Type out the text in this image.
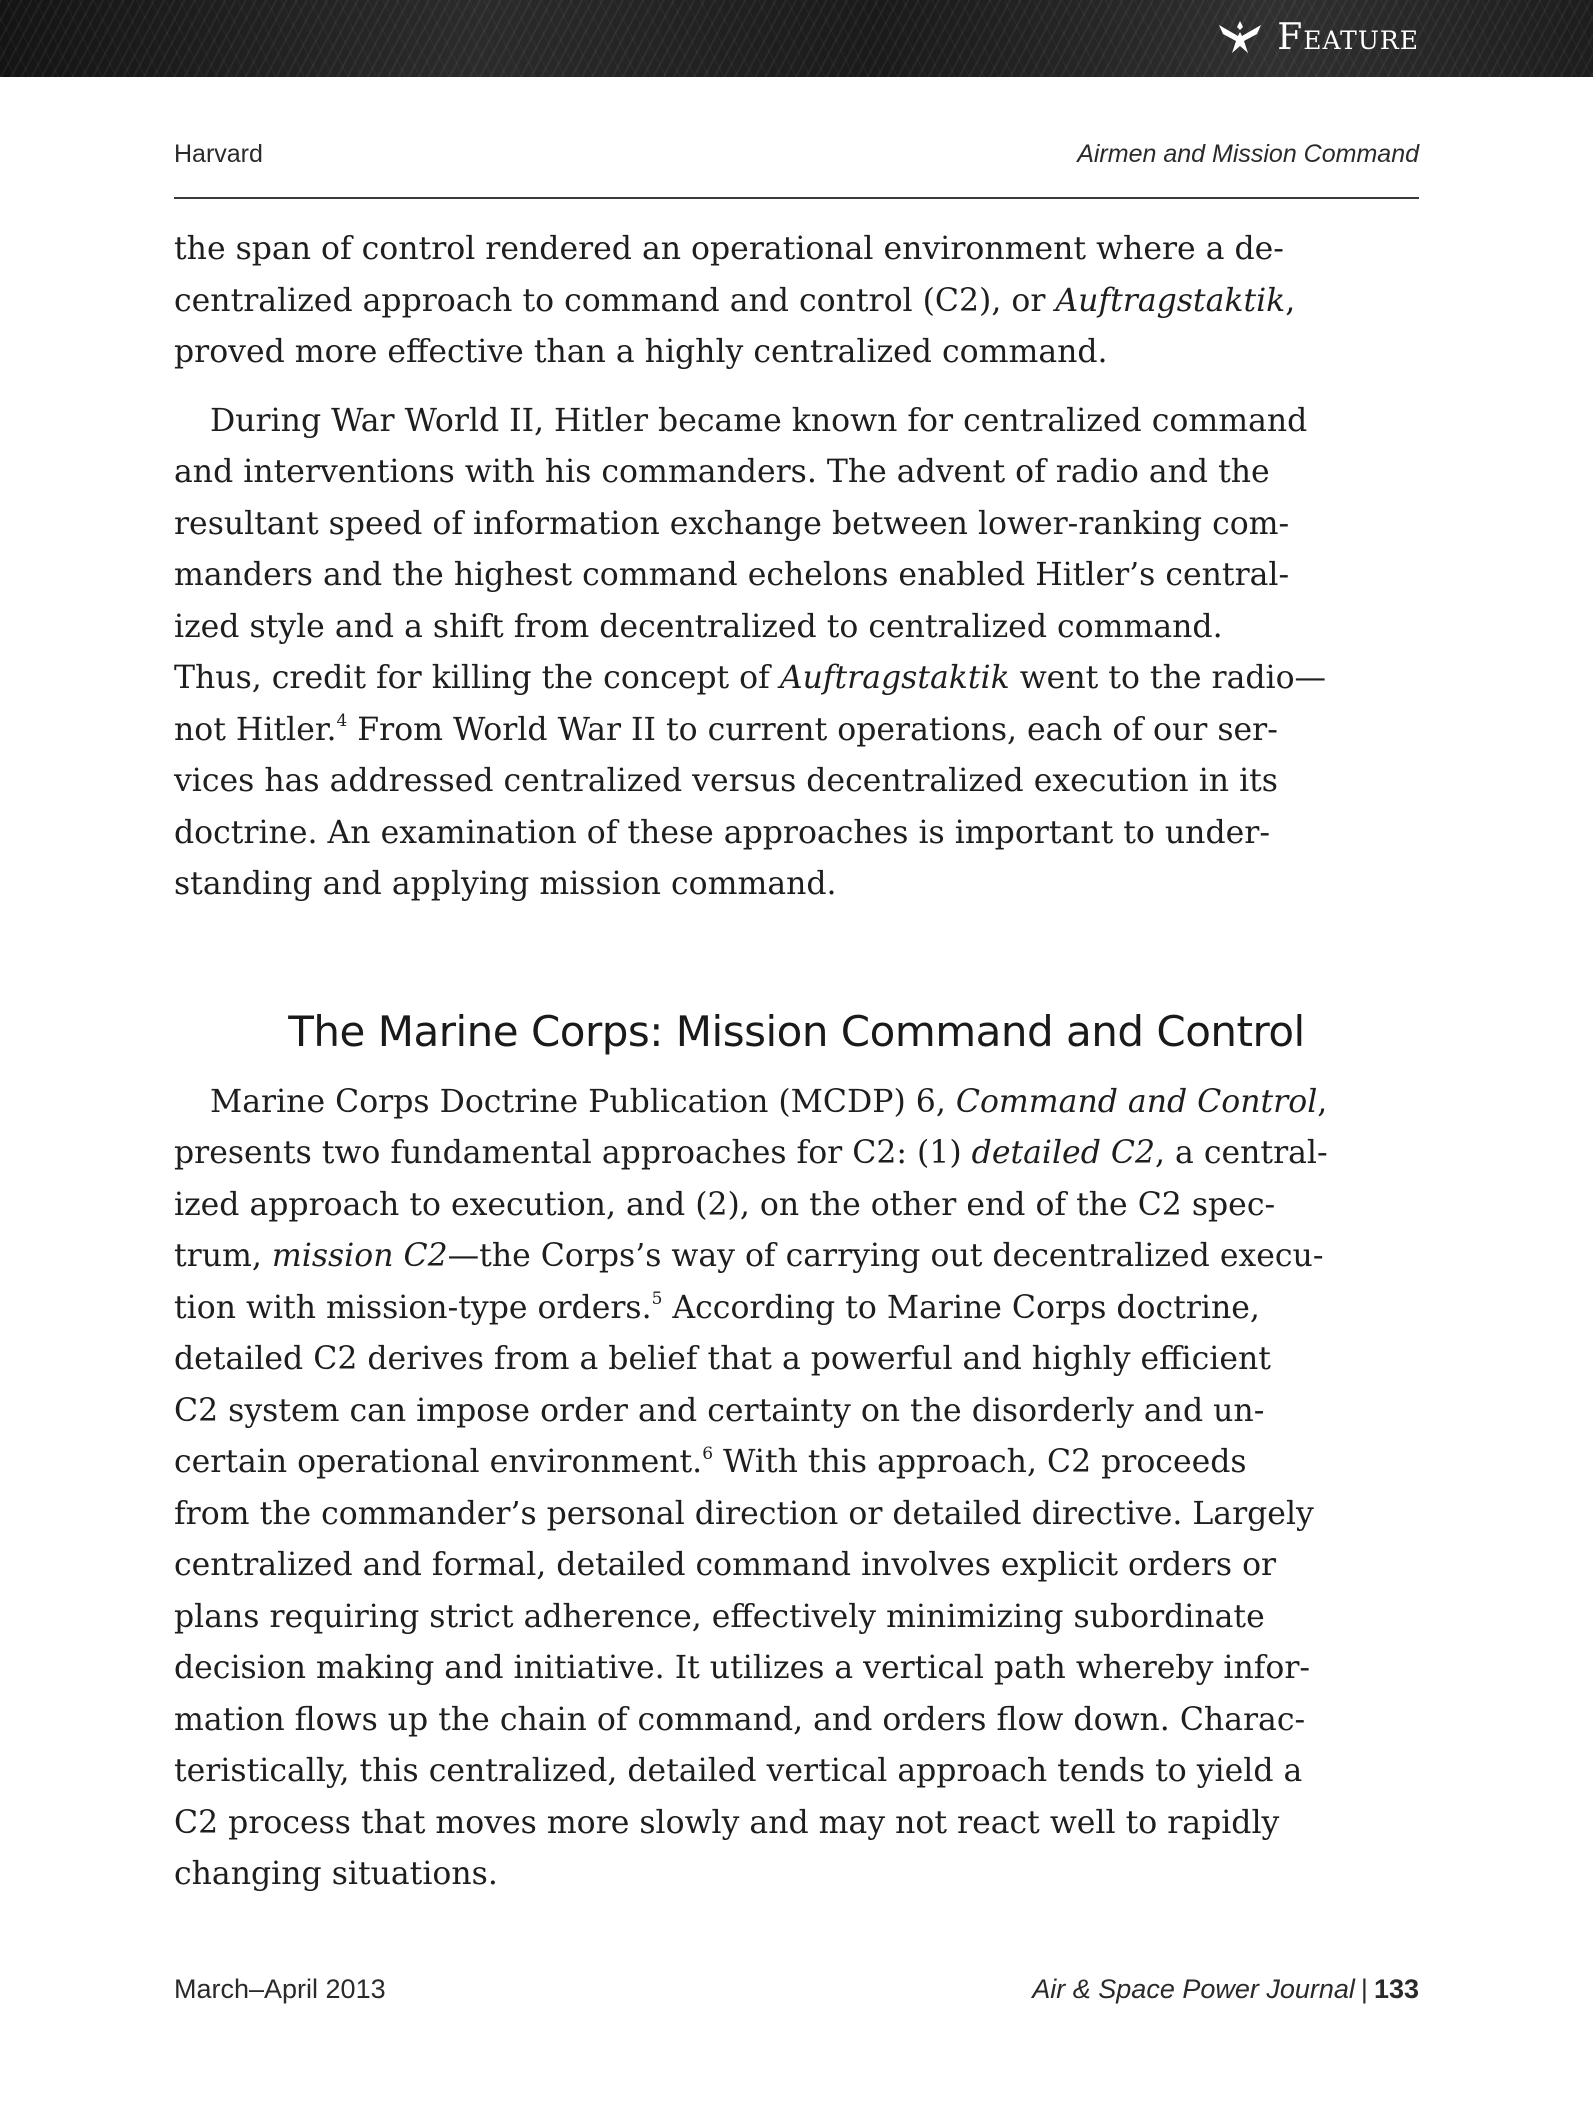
Feature
Harvard	Airmen and Mission Command

the span of control rendered an operational environment where a de-
centralized approach to command and control (C2), or Auftragstaktik,
proved more effective than a highly centralized command.

During War World II, Hitler became known for centralized command
and interventions with his commanders. The advent of radio and the
resultant speed of information exchange between lower-ranking com-
manders and the highest command echelons enabled Hitler’s central-
ized style and a shift from decentralized to centralized command.
Thus, credit for killing the concept of Auftragstaktik went to the radio—
not Hitler.$^4$ From World War II to current operations, each of our ser-
vices has addressed centralized versus decentralized execution in its
doctrine. An examination of these approaches is important to under-
standing and applying mission command.

The Marine Corps: Mission Command and Control

Marine Corps Doctrine Publication (MCDP) 6, Command and Control,
presents two fundamental approaches for C2: (1) detailed C2, a central-
ized approach to execution, and (2), on the other end of the C2 spec-
trum, mission C2—the Corps’s way of carrying out decentralized execu-
tion with mission-type orders.$^5$ According to Marine Corps doctrine,
detailed C2 derives from a belief that a powerful and highly efficient
C2 system can impose order and certainty on the disorderly and un-
certain operational environment.$^6$ With this approach, C2 proceeds
from the commander’s personal direction or detailed directive. Largely
centralized and formal, detailed command involves explicit orders or
plans requiring strict adherence, effectively minimizing subordinate
decision making and initiative. It utilizes a vertical path whereby infor-
mation flows up the chain of command, and orders flow down. Charac-
teristically, this centralized, detailed vertical approach tends to yield a
C2 process that moves more slowly and may not react well to rapidly
changing situations.

March–April 2013	Air & Space Power Journal | 133
